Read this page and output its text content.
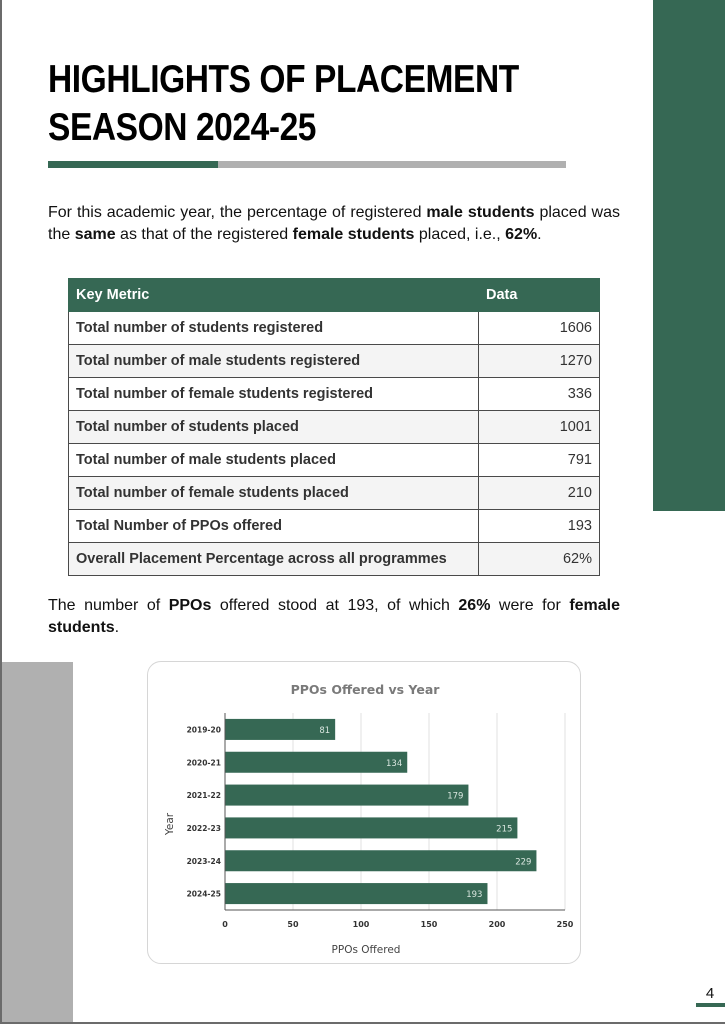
HIGHLIGHTS OF PLACEMENT
SEASON 2024-25

For this academic year, the percentage of registered male students placed was the same as that of the registered female students placed, i.e., 62%.

Key Metric	Data
Total number of students registered	1606
Total number of male students registered	1270
Total number of female students registered	336
Total number of students placed	1001
Total number of male students placed	791
Total number of female students placed	210
Total Number of PPOs offered	193
Overall Placement Percentage across all programmes	62%

The number of PPOs offered stood at 193, of which 26% were for female students.

PPOs Offered vs Year
81
134
179
215
229
193
0	50	100	150	200	250
2019-20
2020-21
2021-22
2022-23
2023-24
2024-25
PPOs Offered
Year
4
